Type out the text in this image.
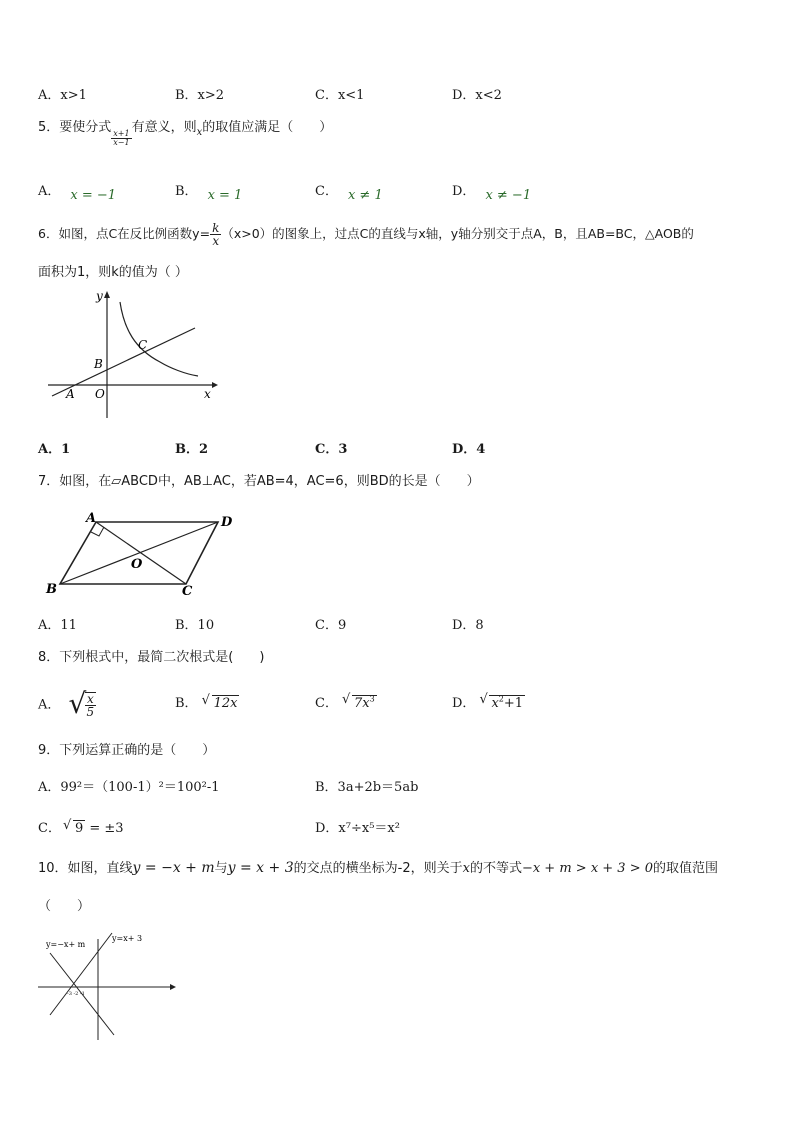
A．x>1	B．x>2	C．x<1	D．x<2
5．要使分式
$\frac{x+1}{x-1}$
有意义，则$_x$的取值应满足（　　）
A． x = −1	B． x = 1	C． x ≠ 1	D． x ≠ −1
6．如图，点C在反比例函数$y= \frac{k}{x} (x>0)$的图象上，过点C的直线与x轴，y轴分别交于点A，B，且AB=BC，△AOB的
面积为1，则k的值为（ ）
y
x
C
B
A O
A．1	B．2	C．3	D．4
7．如图，在▱ABCD中，AB⊥AC，若AB=4，AC=6，则BD的长是（　　）
A	D
B	C
O
A．11	B．10	C．9	D．8
8．下列根式中，最简二次根式是(　　)
A． √
$\frac{x}{5}$	B． √ 12x	C． √ $7x^3$	D． √ $x^2+1$
9．下列运算正确的是（　　）
A．99²＝（100-1）²＝100²-1	B．3a+2b＝5ab
C． √ 9 = ±3	D．x⁷÷x⁵＝x²
10．如图，直线y = −x + m与y = x + 3的交点的横坐标为-2，则关于x的不等式−x + m > x + 3 > 0的取值范围
（　　）
y=−x+ m
y=x+ 3
-3 -2 -1
